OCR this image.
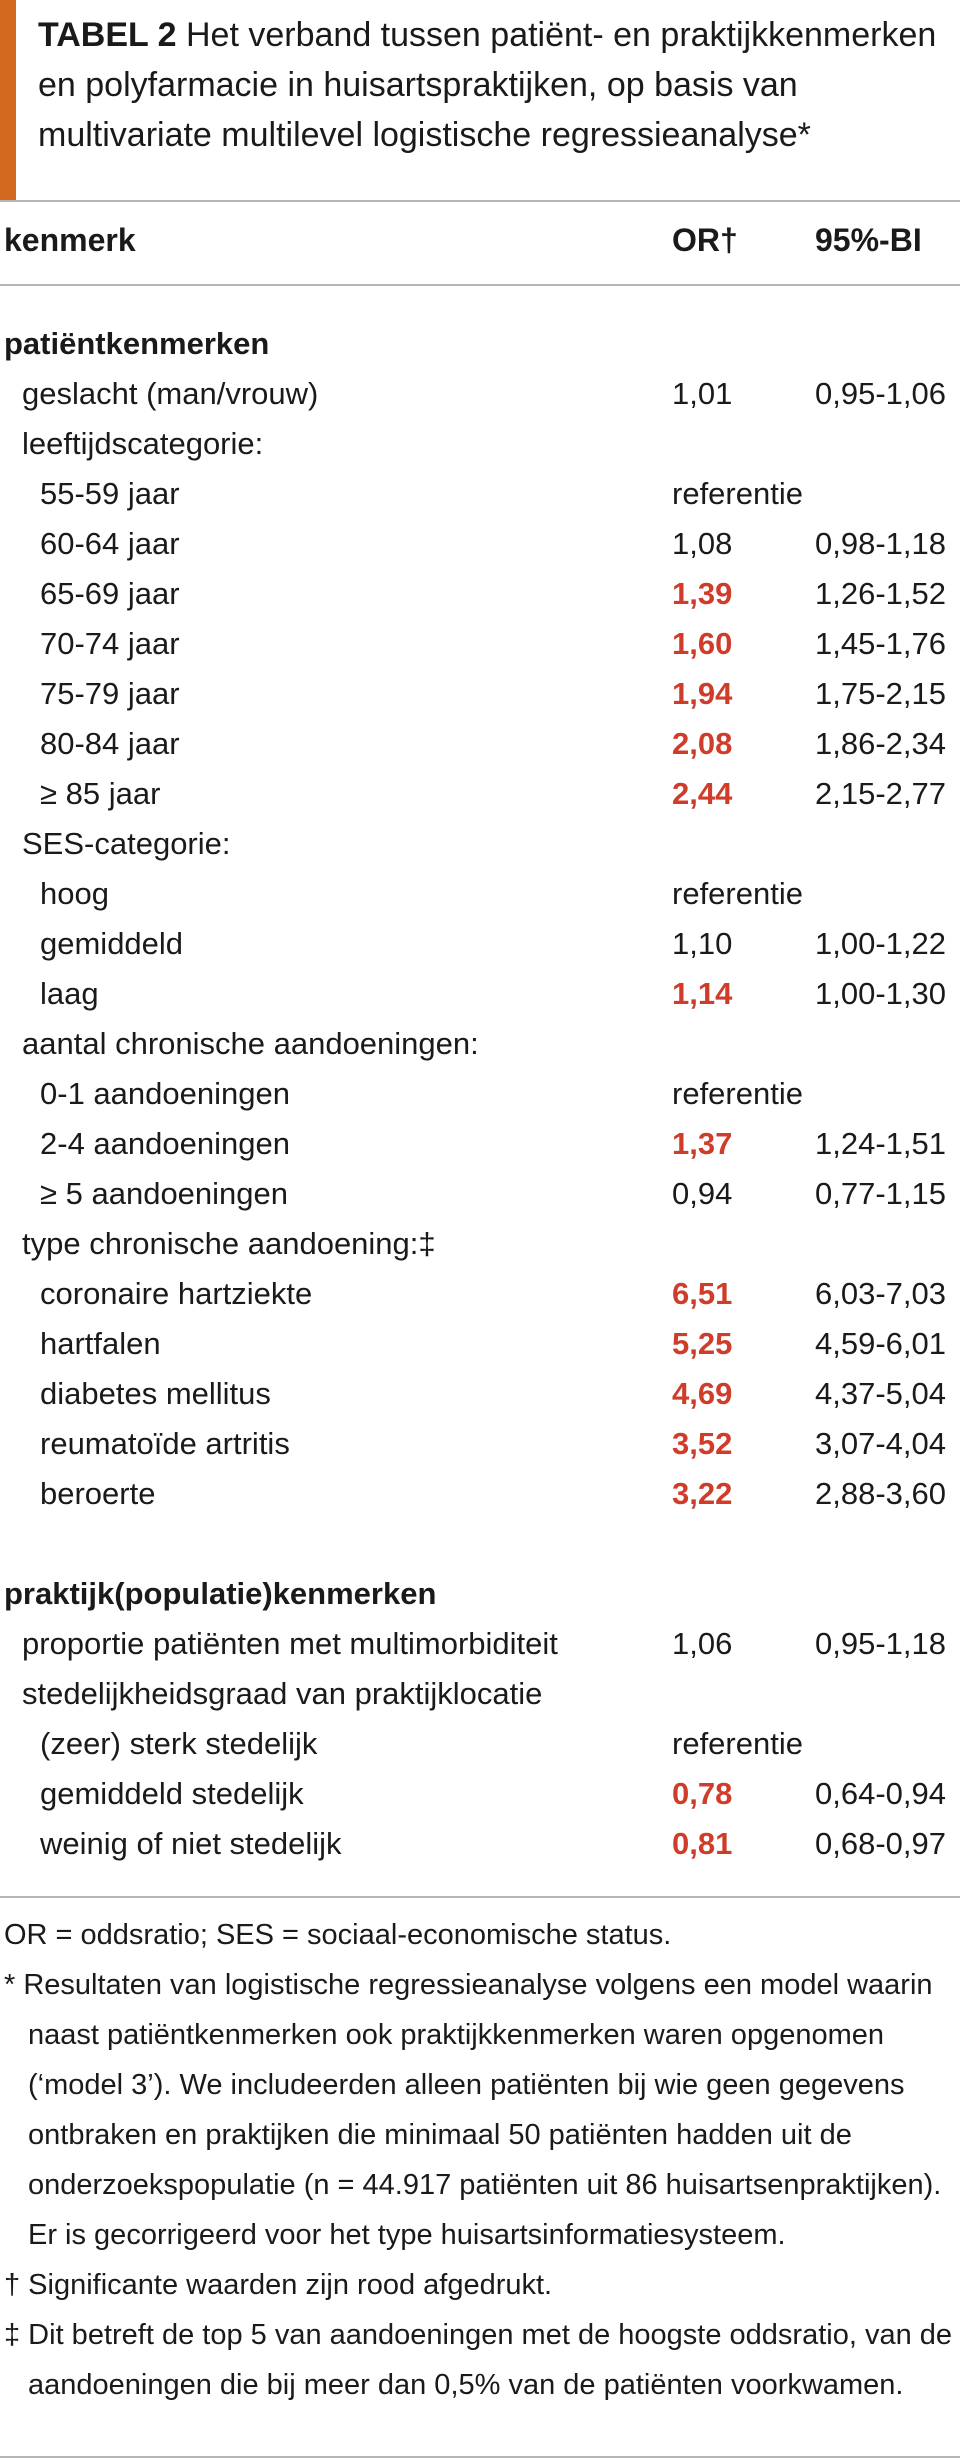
TABEL 2 Het verband tussen patiënt- en praktijkkenmerken en polyfarmacie in huisartspraktijken, op basis van multivariate multilevel logistische regressieanalyse*
kenmerk	OR† 95%-BI
patiëntkenmerken
geslacht (man/vrouw)	1,01	0,95-1,06
leeftijdscategorie:
55-59 jaar	referentie
60-64 jaar	1,08	0,98-1,18
65-69 jaar	1,39	1,26-1,52
70-74 jaar	1,60	1,45-1,76
75-79 jaar	1,94	1,75-2,15
80-84 jaar	2,08	1,86-2,34
≥ 85 jaar	2,44	2,15-2,77
SES-categorie:
hoog	referentie
gemiddeld	1,10	1,00-1,22
laag	1,14	1,00-1,30
aantal chronische aandoeningen:
0-1 aandoeningen	referentie
2-4 aandoeningen	1,37	1,24-1,51
≥ 5 aandoeningen	0,94	0,77-1,15
type chronische aandoening:‡
coronaire hartziekte	6,51	6,03-7,03
hartfalen	5,25	4,59-6,01
diabetes mellitus	4,69	4,37-5,04
reumatoïde artritis	3,52	3,07-4,04
beroerte	3,22	2,88-3,60
praktijk(populatie)kenmerken
proportie patiënten met multimorbiditeit	1,06	0,95-1,18
stedelijkheidsgraad van praktijklocatie
(zeer) sterk stedelijk	referentie
gemiddeld stedelijk	0,78	0,64-0,94
weinig of niet stedelijk	0,81	0,68-0,97

OR = oddsratio; SES = sociaal-economische status.

* Resultaten van logistische regressieanalyse volgens een model waarin naast patiëntkenmerken ook praktijkkenmerken waren opgenomen (‘model 3’). We includeerden alleen patiënten bij wie geen gegevens ontbraken en praktijken die minimaal 50 patiënten hadden uit de onderzoekspopulatie (n = 44.917 patiënten uit 86 huisartsenpraktijken). Er is gecorrigeerd voor het type huisartsinformatiesysteem.

† Significante waarden zijn rood afgedrukt.

‡ Dit betreft de top 5 van aandoeningen met de hoogste oddsratio, van de aandoeningen die bij meer dan 0,5% van de patiënten voorkwamen.
